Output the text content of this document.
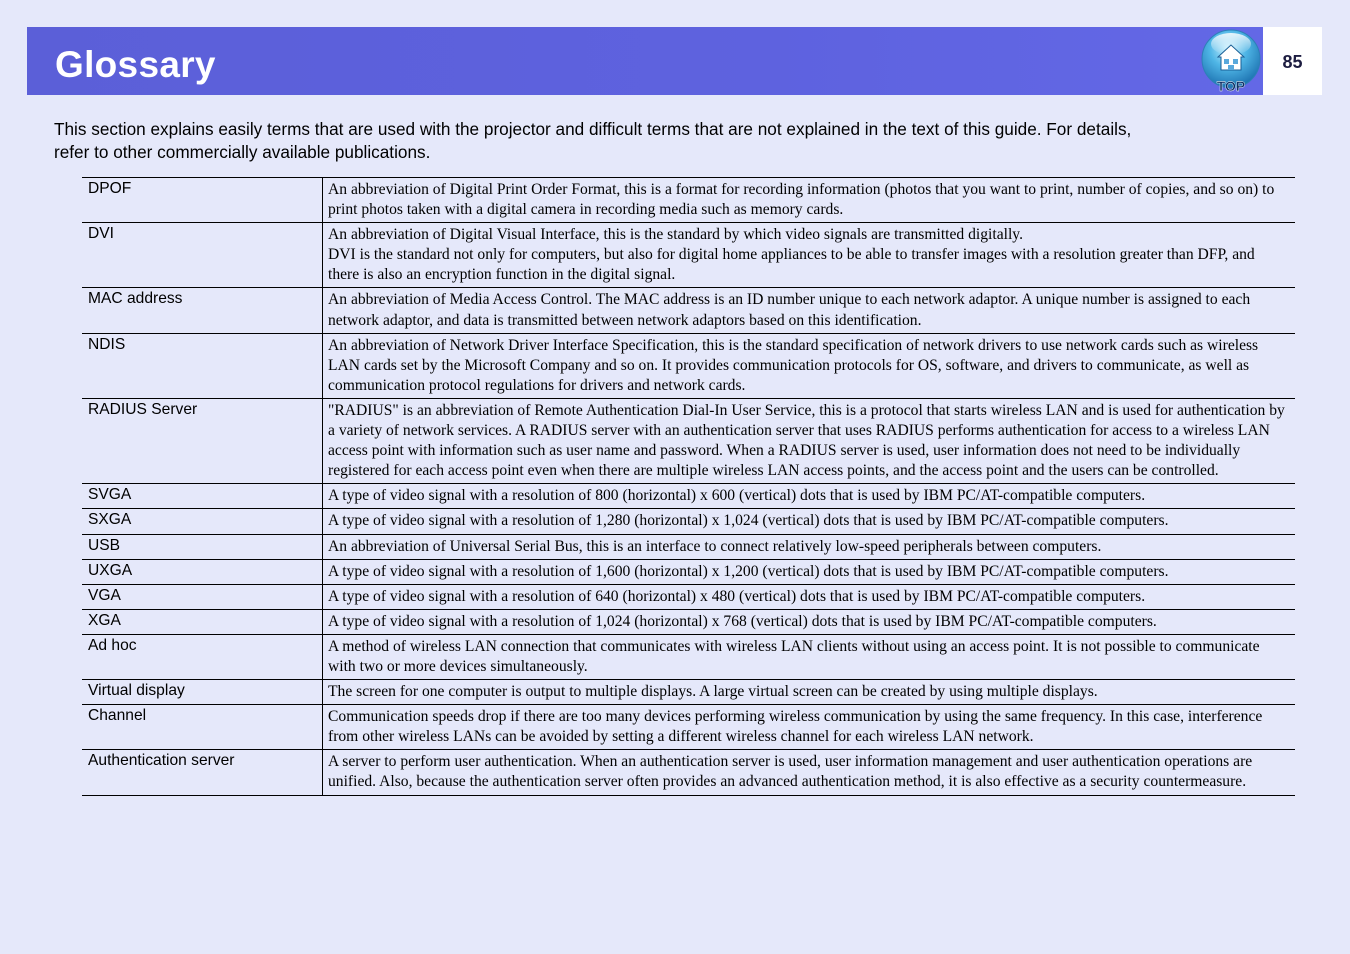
Glossary
TOP
85
This section explains easily terms that are used with the projector and difficult terms that are not explained in the text of this guide. For details,
refer to other commercially available publications.
DPOF	An abbreviation of Digital Print Order Format, this is a format for recording information (photos that you want to print, number of copies, and so on) to print photos taken with a digital camera in recording media such as memory cards.

DVI	An abbreviation of Digital Visual Interface, this is the standard by which video signals are transmitted digitally.
DVI is the standard not only for computers, but also for digital home appliances to be able to transfer images with a resolution greater than DFP, and there is also an encryption function in the digital signal.

MAC address	An abbreviation of Media Access Control. The MAC address is an ID number unique to each network adaptor. A unique number is assigned to each network adaptor, and data is transmitted between network adaptors based on this identification.

NDIS	An abbreviation of Network Driver Interface Specification, this is the standard specification of network drivers to use network cards such as wireless LAN cards set by the Microsoft Company and so on. It provides communication protocols for OS, software, and drivers to communicate, as well as communication protocol regulations for drivers and network cards.

RADIUS Server	"RADIUS" is an abbreviation of Remote Authentication Dial-In User Service, this is a protocol that starts wireless LAN and is used for authentication by a variety of network services. A RADIUS server with an authentication server that uses RADIUS performs authentication for access to a wireless LAN access point with information such as user name and password. When a RADIUS server is used, user information does not need to be individually registered for each access point even when there are multiple wireless LAN access points, and the access point and the users can be controlled.

SVGA	A type of video signal with a resolution of 800 (horizontal) x 600 (vertical) dots that is used by IBM PC/AT-compatible computers.

SXGA	A type of video signal with a resolution of 1,280 (horizontal) x 1,024 (vertical) dots that is used by IBM PC/AT-compatible computers.

USB	An abbreviation of Universal Serial Bus, this is an interface to connect relatively low-speed peripherals between computers.

UXGA	A type of video signal with a resolution of 1,600 (horizontal) x 1,200 (vertical) dots that is used by IBM PC/AT-compatible computers.

VGA	A type of video signal with a resolution of 640 (horizontal) x 480 (vertical) dots that is used by IBM PC/AT-compatible computers.

XGA	A type of video signal with a resolution of 1,024 (horizontal) x 768 (vertical) dots that is used by IBM PC/AT-compatible computers.

Ad hoc	A method of wireless LAN connection that communicates with wireless LAN clients without using an access point. It is not possible to communicate with two or more devices simultaneously.

Virtual display	The screen for one computer is output to multiple displays. A large virtual screen can be created by using multiple displays.

Channel	Communication speeds drop if there are too many devices performing wireless communication by using the same frequency. In this case, interference from other wireless LANs can be avoided by setting a different wireless channel for each wireless LAN network.

Authentication server	A server to perform user authentication. When an authentication server is used, user information management and user authentication operations are unified. Also, because the authentication server often provides an advanced authentication method, it is also effective as a security countermeasure.
